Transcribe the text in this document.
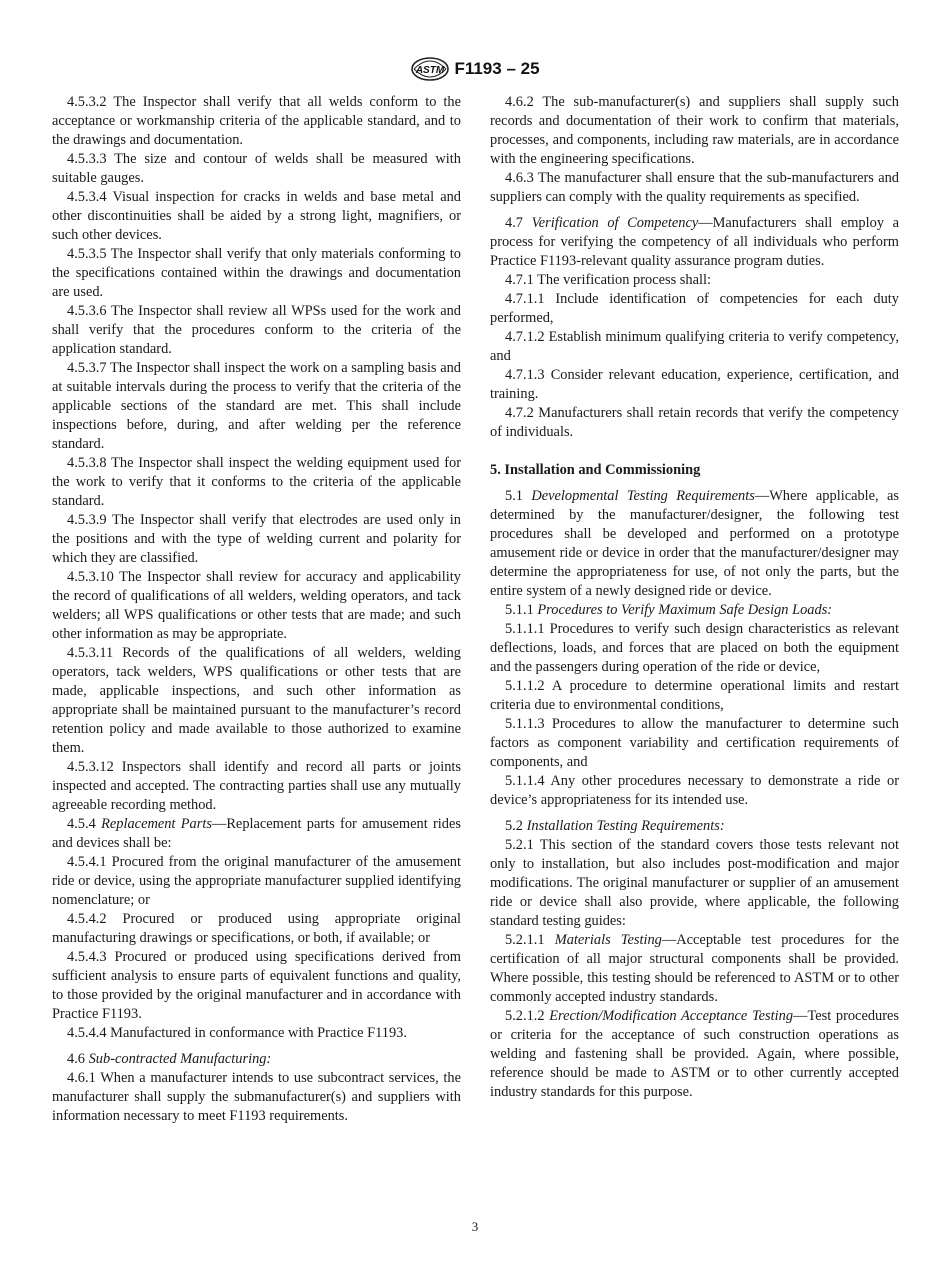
ASTM F1193 – 25

4.5.3.2 The Inspector shall verify that all welds conform to the acceptance or workmanship criteria of the applicable standard, and to the drawings and documentation.

4.5.3.3 The size and contour of welds shall be measured with suitable gauges.

4.5.3.4 Visual inspection for cracks in welds and base metal and other discontinuities shall be aided by a strong light, magnifiers, or such other devices.

4.5.3.5 The Inspector shall verify that only materials conforming to the specifications contained within the drawings and documentation are used.

4.5.3.6 The Inspector shall review all WPSs used for the work and shall verify that the procedures conform to the criteria of the application standard.

4.5.3.7 The Inspector shall inspect the work on a sampling basis and at suitable intervals during the process to verify that the criteria of the applicable sections of the standard are met. This shall include inspections before, during, and after welding per the reference standard.

4.5.3.8 The Inspector shall inspect the welding equipment used for the work to verify that it conforms to the criteria of the applicable standard.

4.5.3.9 The Inspector shall verify that electrodes are used only in the positions and with the type of welding current and polarity for which they are classified.

4.5.3.10 The Inspector shall review for accuracy and applicability the record of qualifications of all welders, welding operators, and tack welders; all WPS qualifications or other tests that are made; and such other information as may be appropriate.

4.5.3.11 Records of the qualifications of all welders, welding operators, tack welders, WPS qualifications or other tests that are made, applicable inspections, and such other information as appropriate shall be maintained pursuant to the manufacturer’s record retention policy and made available to those authorized to examine them.

4.5.3.12 Inspectors shall identify and record all parts or joints inspected and accepted. The contracting parties shall use any mutually agreeable recording method.

4.5.4 Replacement Parts—Replacement parts for amusement rides and devices shall be:

4.5.4.1 Procured from the original manufacturer of the amusement ride or device, using the appropriate manufacturer supplied identifying nomenclature; or

4.5.4.2 Procured or produced using appropriate original manufacturing drawings or specifications, or both, if available; or

4.5.4.3 Procured or produced using specifications derived from sufficient analysis to ensure parts of equivalent functions and quality, to those provided by the original manufacturer and in accordance with Practice F1193.

4.5.4.4 Manufactured in conformance with Practice F1193.

4.6 Sub-contracted Manufacturing:

4.6.1 When a manufacturer intends to use subcontract services, the manufacturer shall supply the submanufacturer(s) and suppliers with information necessary to meet F1193 requirements.

4.6.2 The sub-manufacturer(s) and suppliers shall supply such records and documentation of their work to confirm that materials, processes, and components, including raw materials, are in accordance with the engineering specifications.

4.6.3 The manufacturer shall ensure that the sub-manufacturers and suppliers can comply with the quality requirements as specified.

4.7 Verification of Competency—Manufacturers shall employ a process for verifying the competency of all individuals who perform Practice F1193-relevant quality assurance program duties.

4.7.1 The verification process shall:

4.7.1.1 Include identification of competencies for each duty performed,

4.7.1.2 Establish minimum qualifying criteria to verify competency, and

4.7.1.3 Consider relevant education, experience, certification, and training.

4.7.2 Manufacturers shall retain records that verify the competency of individuals.

5. Installation and Commissioning

5.1 Developmental Testing Requirements—Where applicable, as determined by the manufacturer/designer, the following test procedures shall be developed and performed on a prototype amusement ride or device in order that the manufacturer/designer may determine the appropriateness for use, of not only the parts, but the entire system of a newly designed ride or device.

5.1.1 Procedures to Verify Maximum Safe Design Loads:

5.1.1.1 Procedures to verify such design characteristics as relevant deflections, loads, and forces that are placed on both the equipment and the passengers during operation of the ride or device,

5.1.1.2 A procedure to determine operational limits and restart criteria due to environmental conditions,

5.1.1.3 Procedures to allow the manufacturer to determine such factors as component variability and certification requirements of components, and

5.1.1.4 Any other procedures necessary to demonstrate a ride or device’s appropriateness for its intended use.

5.2 Installation Testing Requirements:

5.2.1 This section of the standard covers those tests relevant not only to installation, but also includes post-modification and major modifications. The original manufacturer or supplier of an amusement ride or device shall also provide, where applicable, the following standard testing guides:

5.2.1.1 Materials Testing—Acceptable test procedures for the certification of all major structural components shall be provided. Where possible, this testing should be referenced to ASTM or to other commonly accepted industry standards.

5.2.1.2 Erection/Modification Acceptance Testing—Test procedures or criteria for the acceptance of such construction operations as welding and fastening shall be provided. Again, where possible, reference should be made to ASTM or to other currently accepted industry standards for this purpose.

3
